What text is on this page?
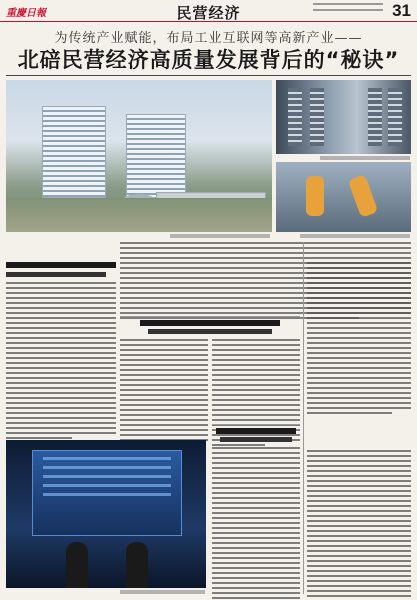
重慶日報	民营经济	31
为传统产业赋能，布局工业互联网等高新产业——
北碚民营经济高质量发展背后的“秘诀”
